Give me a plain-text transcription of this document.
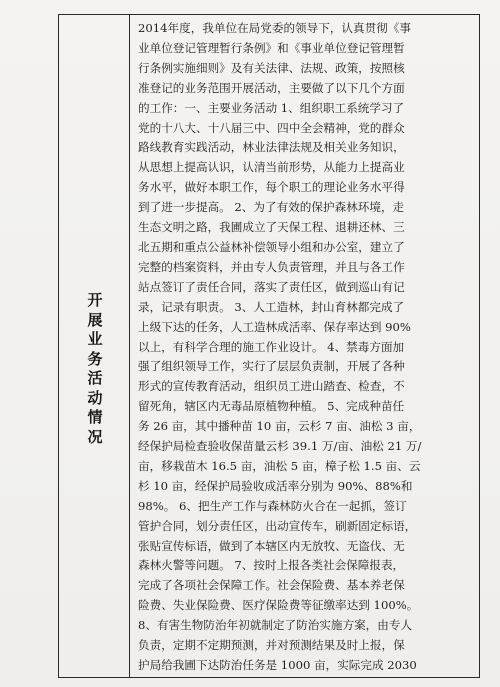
开展业务活动情况
2014年度，我单位在局党委的领导下，认真贯彻《事
业单位登记管理暂行条例》和《事业单位登记管理暂
行条例实施细则》及有关法律、法规、政策，按照核
准登记的业务范围开展活动，主要做了以下几个方面
的工作：一、主要业务活动 1、组织职工系统学习了
党的十八大、十八届三中、四中全会精神，党的群众
路线教育实践活动，林业法律法规及相关业务知识，
从思想上提高认识，认清当前形势，从能力上提高业
务水平，做好本职工作，每个职工的理论业务水平得
到了进一步提高。 2、为了有效的保护森林环境，走
生态文明之路，我圃成立了天保工程、退耕还林、三
北五期和重点公益林补偿领导小组和办公室，建立了
完整的档案资料，并由专人负责管理，并且与各工作
站点签订了责任合同，落实了责任区，做到巡山有记
录，记录有职责。 3、人工造林，封山育林都完成了
上级下达的任务，人工造林成活率、保存率达到 90%
以上，有科学合理的施工作业设计。 4、禁毒方面加
强了组织领导工作，实行了层层负责制，开展了各种
形式的宣传教育活动，组织员工进山踏查、检查，不
留死角，辖区内无毒品原植物种植。 5、完成种苗任
务 26 亩，其中播种苗 10 亩，云杉 7 亩、油松 3 亩，
经保护局检查验收保苗量云杉 39.1 万/亩、油松 21 万/
亩，移栽苗木 16.5 亩，油松 5 亩，樟子松 1.5 亩、云
杉 10 亩，经保护局验收成活率分别为 90%、88%和
98%。 6、把生产工作与森林防火合在一起抓，签订
管护合同，划分责任区，出动宣传车，刷新固定标语，
张贴宣传标语，做到了本辖区内无放牧、无盗伐、无
森林火警等问题。 7、按时上报各类社会保障报表，
完成了各项社会保障工作。社会保险费、基本养老保
险费、失业保险费、医疗保险费等征缴率达到 100%。
8、有害生物防治年初就制定了防治实施方案，由专人
负责，定期不定期预测，并对预测结果及时上报，保
护局给我圃下达防治任务是 1000 亩，实际完成 2030
